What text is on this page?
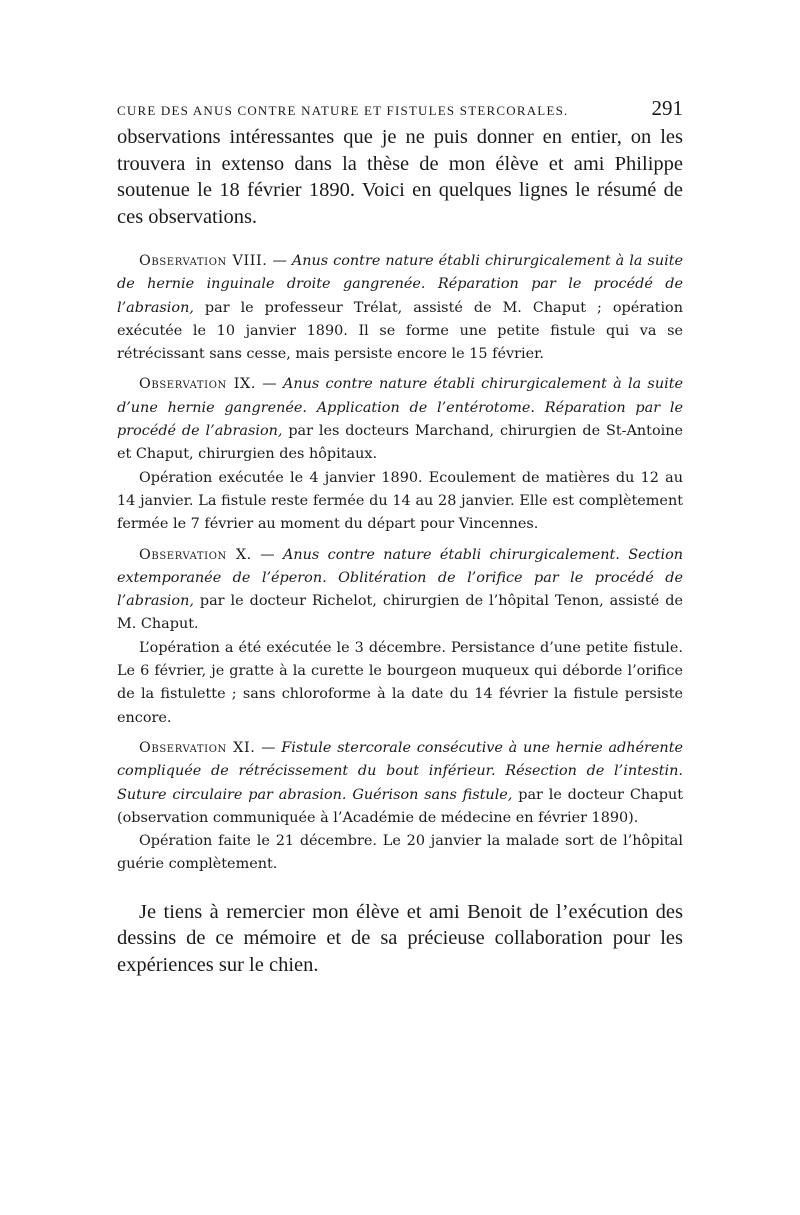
CURE DES ANUS CONTRE NATURE ET FISTULES STERCORALES.	291

observations intéressantes que je ne puis donner en entier, on les trouvera in extenso dans la thèse de mon élève et ami Philippe soutenue le 18 février 1890. Voici en quelques lignes le résumé de ces observations.

Observation VIII. — Anus contre nature établi chirurgicalement à la suite de hernie inguinale droite gangrenée. Réparation par le procédé de l’abrasion, par le professeur Trélat, assisté de M. Chaput ; opération exécutée le 10 janvier 1890. Il se forme une petite fistule qui va se rétrécissant sans cesse, mais persiste encore le 15 février.

Observation IX. — Anus contre nature établi chirurgicalement à la suite d’une hernie gangrenée. Application de l’entérotome. Réparation par le procédé de l’abrasion, par les docteurs Marchand, chirurgien de St-Antoine et Chaput, chirurgien des hôpitaux.

Opération exécutée le 4 janvier 1890. Ecoulement de matières du 12 au 14 janvier. La fistule reste fermée du 14 au 28 janvier. Elle est complètement fermée le 7 février au moment du départ pour Vincennes.

Observation X. — Anus contre nature établi chirurgicalement. Section extemporanée de l’éperon. Oblitération de l’orifice par le procédé de l’abrasion, par le docteur Richelot, chirurgien de l’hôpital Tenon, assisté de M. Chaput.

L’opération a été exécutée le 3 décembre. Persistance d’une petite fistule. Le 6 février, je gratte à la curette le bourgeon muqueux qui déborde l’orifice de la fistulette ; sans chloroforme à la date du 14 février la fistule persiste encore.

Observation XI. — Fistule stercorale consécutive à une hernie adhérente compliquée de rétrécissement du bout inférieur. Résection de l’intestin. Suture circulaire par abrasion. Guérison sans fistule, par le docteur Chaput (observation communiquée à l’Académie de médecine en février 1890).

Opération faite le 21 décembre. Le 20 janvier la malade sort de l’hôpital guérie complètement.

Je tiens à remercier mon élève et ami Benoit de l’exécution des dessins de ce mémoire et de sa précieuse collaboration pour les expériences sur le chien.
